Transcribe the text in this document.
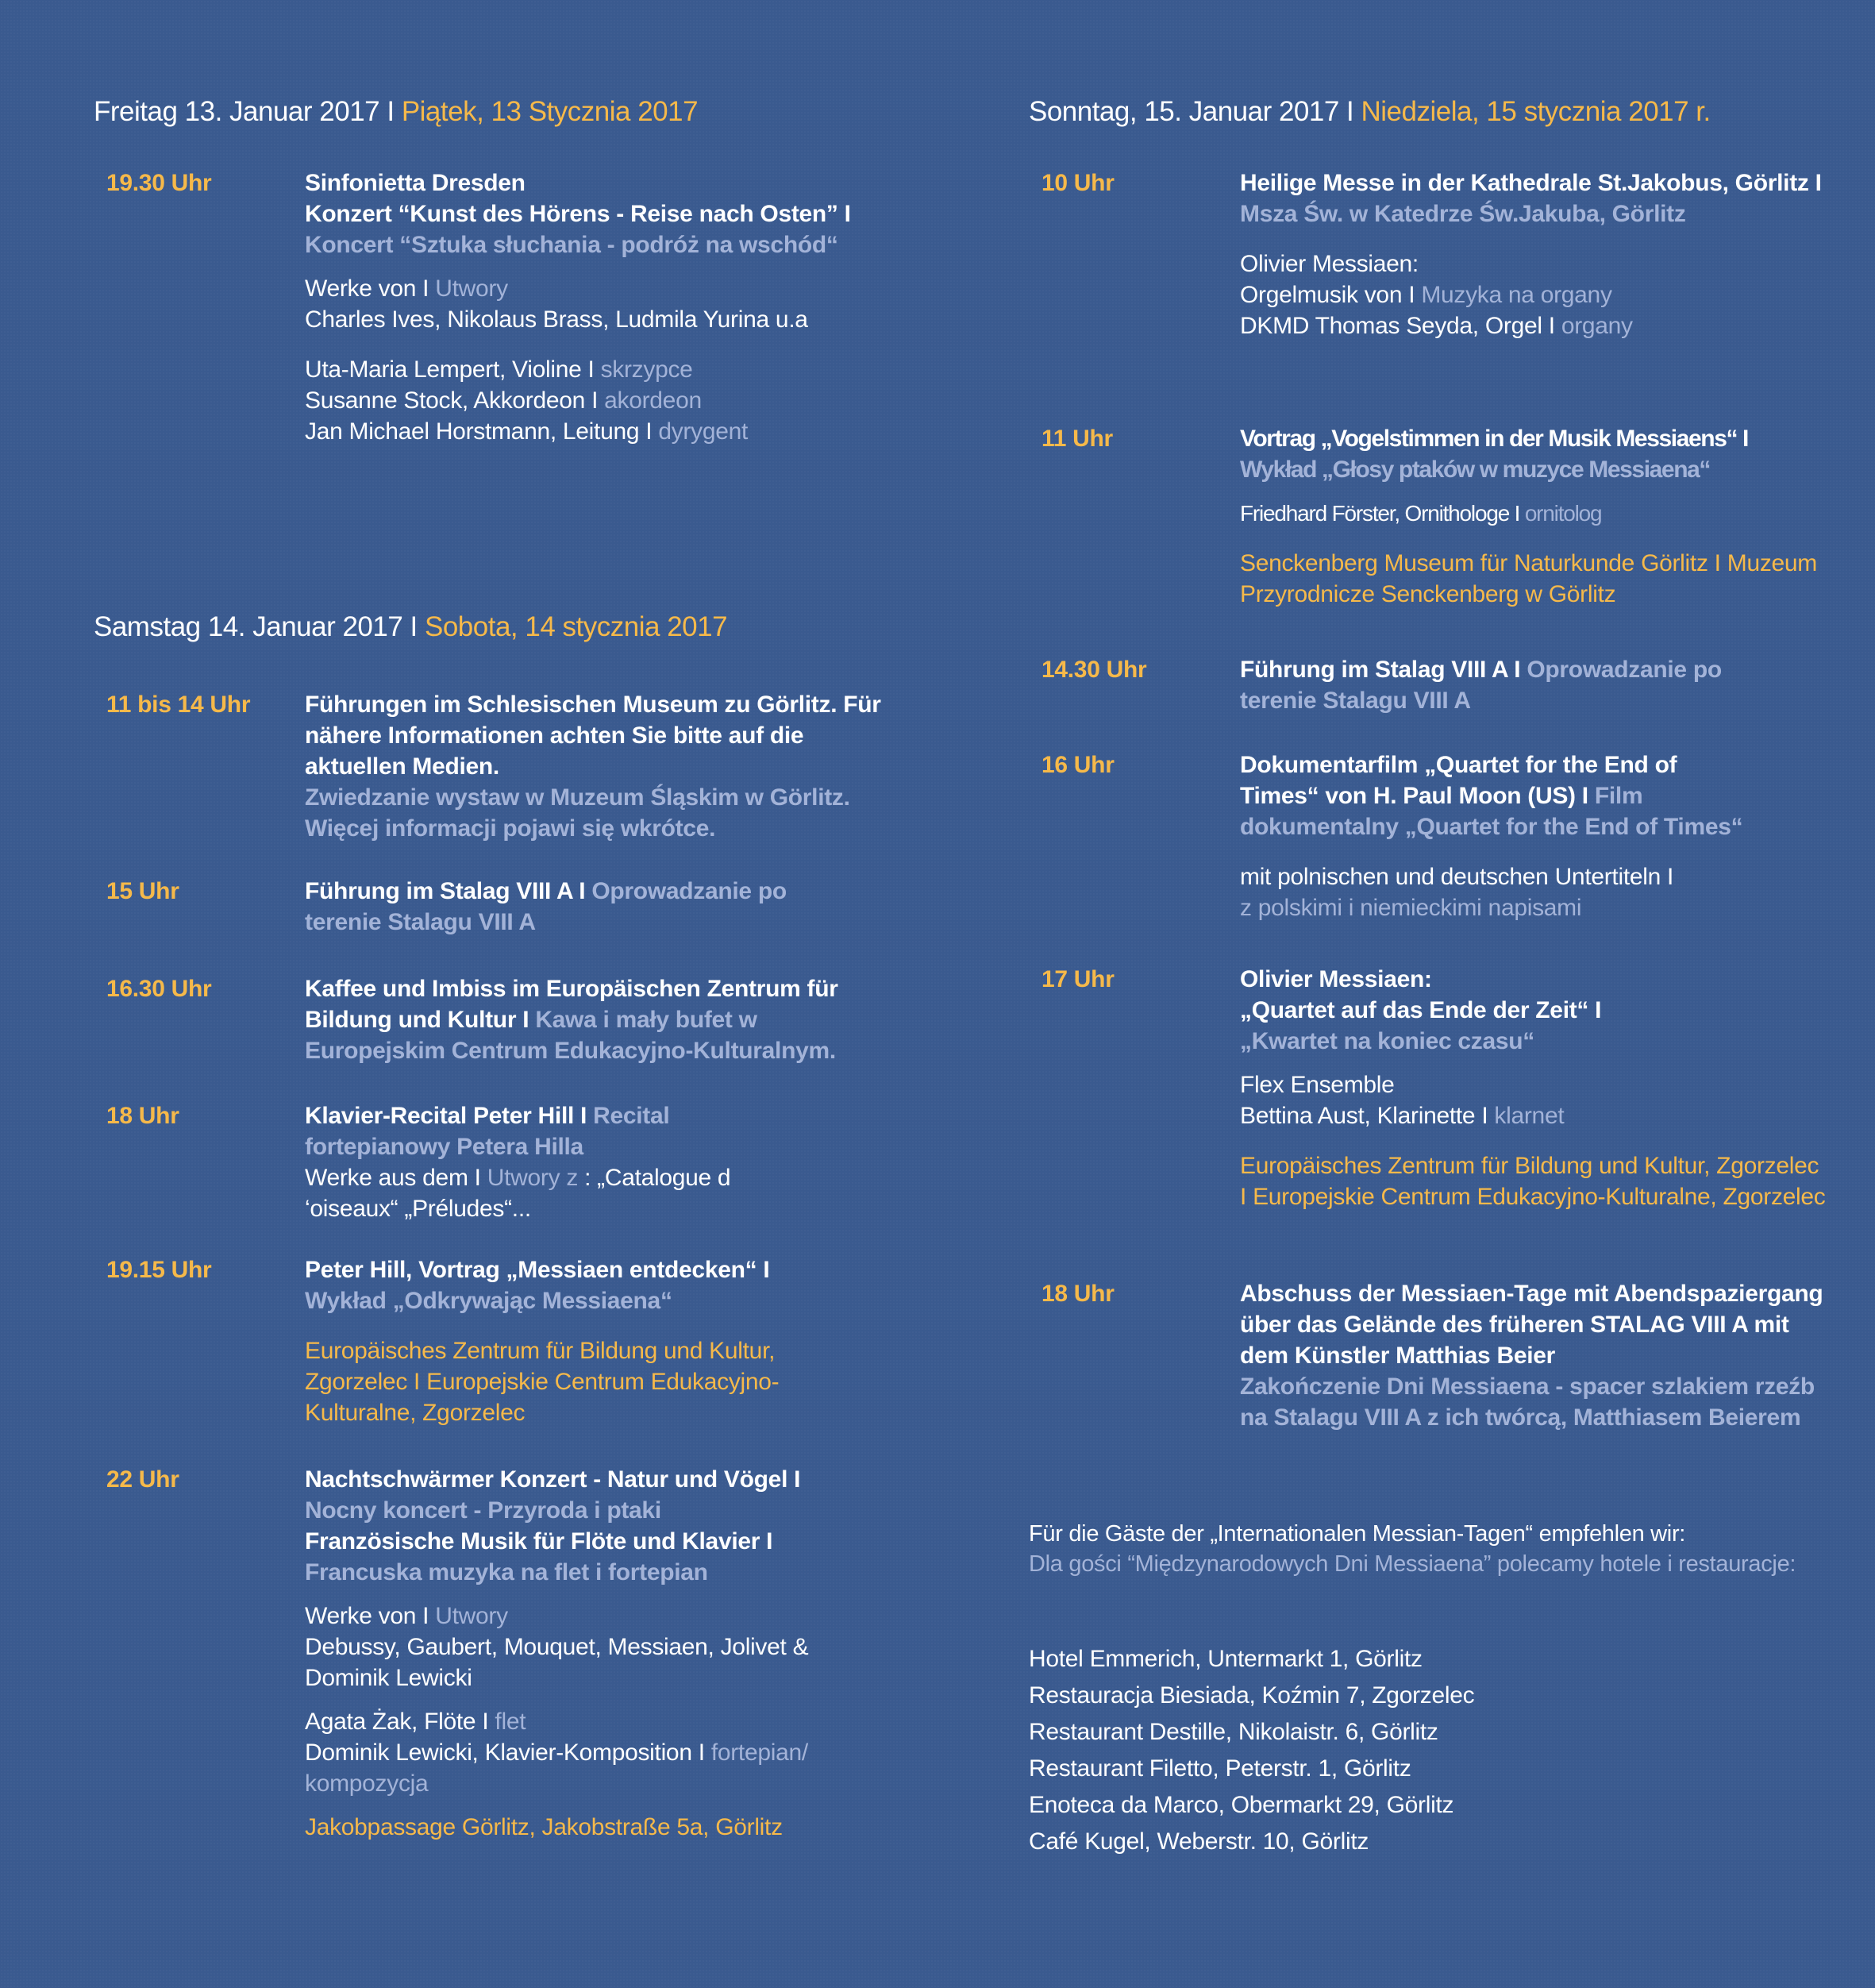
Freitag 13. Januar 2017 I Piątek, 13 Stycznia 2017
19.30 Uhr	Sinfonietta Dresden
Konzert “Kunst des Hörens - Reise nach Osten” I Koncert “Sztuka słuchania - podróż na wschód“
Werke von I Utwory
Charles Ives, Nikolaus Brass, Ludmila Yurina u.a
Uta-Maria Lempert, Violine I skrzypce
Susanne Stock, Akkordeon I akordeon
Jan Michael Horstmann, Leitung I dyrygent
Samstag 14. Januar 2017 I Sobota, 14 stycznia 2017
11 bis 14 Uhr Führungen im Schlesischen Museum zu Görlitz. Für nähere Informationen achten Sie bitte auf die aktuellen Medien.
Zwiedzanie wystaw w Muzeum Śląskim w Görlitz. Więcej informacji pojawi się wkrótce.
15 Uhr	Führung im Stalag VIII A I Oprowadzanie po terenie Stalagu VIII A
16.30 Uhr	Kaffee und Imbiss im Europäischen Zentrum für Bildung und Kultur I Kawa i mały bufet w Europejskim Centrum Edukacyjno-Kulturalnym.
18 Uhr	Klavier-Recital Peter Hill I Recital fortepianowy Petera Hilla
Werke aus dem I Utwory z : „Catalogue d ‘oiseaux“ „Préludes“...
19.15 Uhr	Peter Hill, Vortrag „Messiaen entdecken“ I Wykład „Odkrywając Messiaena“
Europäisches Zentrum für Bildung und Kultur, Zgorzelec I Europejskie Centrum Edukacyjno-Kulturalne, Zgorzelec
22 Uhr	Nachtschwärmer Konzert - Natur und Vögel I
Nocny koncert - Przyroda i ptaki
Französische Musik für Flöte und Klavier I
Francuska muzyka na flet i fortepian
Werke von I Utwory
Debussy, Gaubert, Mouquet, Messiaen, Jolivet & Dominik Lewicki
Agata Żak, Flöte I flet
Dominik Lewicki, Klavier-Komposition I fortepian/ kompozycja
Jakobpassage Görlitz, Jakobstraße 5a, Görlitz
Sonntag, 15. Januar 2017 I Niedziela, 15 stycznia 2017 r.
10 Uhr	Heilige Messe in der Kathedrale St.Jakobus, Görlitz I Msza Św. w Katedrze Św.Jakuba, Görlitz
Olivier Messiaen:
Orgelmusik von I Muzyka na organy
DKMD Thomas Seyda, Orgel I organy
11 Uhr	Vortrag „Vogelstimmen in der Musik Messiaens“ I
Wykład „Głosy ptaków w muzyce Messiaena“
Friedhard Förster, Ornithologe I ornitolog
Senckenberg Museum für Naturkunde Görlitz I Muzeum Przyrodnicze Senckenberg w Görlitz
14.30 Uhr	Führung im Stalag VIII A I Oprowadzanie po terenie Stalagu VIII A
16 Uhr	Dokumentarfilm „Quartet for the End of Times“ von H. Paul Moon (US) I Film dokumentalny „Quartet for the End of Times“
mit polnischen und deutschen Untertiteln I
z polskimi i niemieckimi napisami
17 Uhr	Olivier Messiaen:
„Quartet auf das Ende der Zeit“ I
„Kwartet na koniec czasu“
Flex Ensemble
Bettina Aust, Klarinette I klarnet
Europäisches Zentrum für Bildung und Kultur, Zgorzelec I Europejskie Centrum Edukacyjno-Kulturalne, Zgorzelec
18 Uhr	Abschuss der Messiaen-Tage mit Abendspaziergang über das Gelände des früheren STALAG VIII A mit dem Künstler Matthias Beier
Zakończenie Dni Messiaena - spacer szlakiem rzeźb na Stalagu VIII A z ich twórcą, Matthiasem Beierem
Für die Gäste der „Internationalen Messian-Tagen“ empfehlen wir:
Dla gości “Międzynarodowych Dni Messiaena” polecamy hotele i restauracje:
Hotel Emmerich, Untermarkt 1, Görlitz
Restauracja Biesiada, Koźmin 7, Zgorzelec
Restaurant Destille, Nikolaistr. 6, Görlitz
Restaurant Filetto, Peterstr. 1, Görlitz
Enoteca da Marco, Obermarkt 29, Görlitz
Café Kugel, Weberstr. 10, Görlitz
